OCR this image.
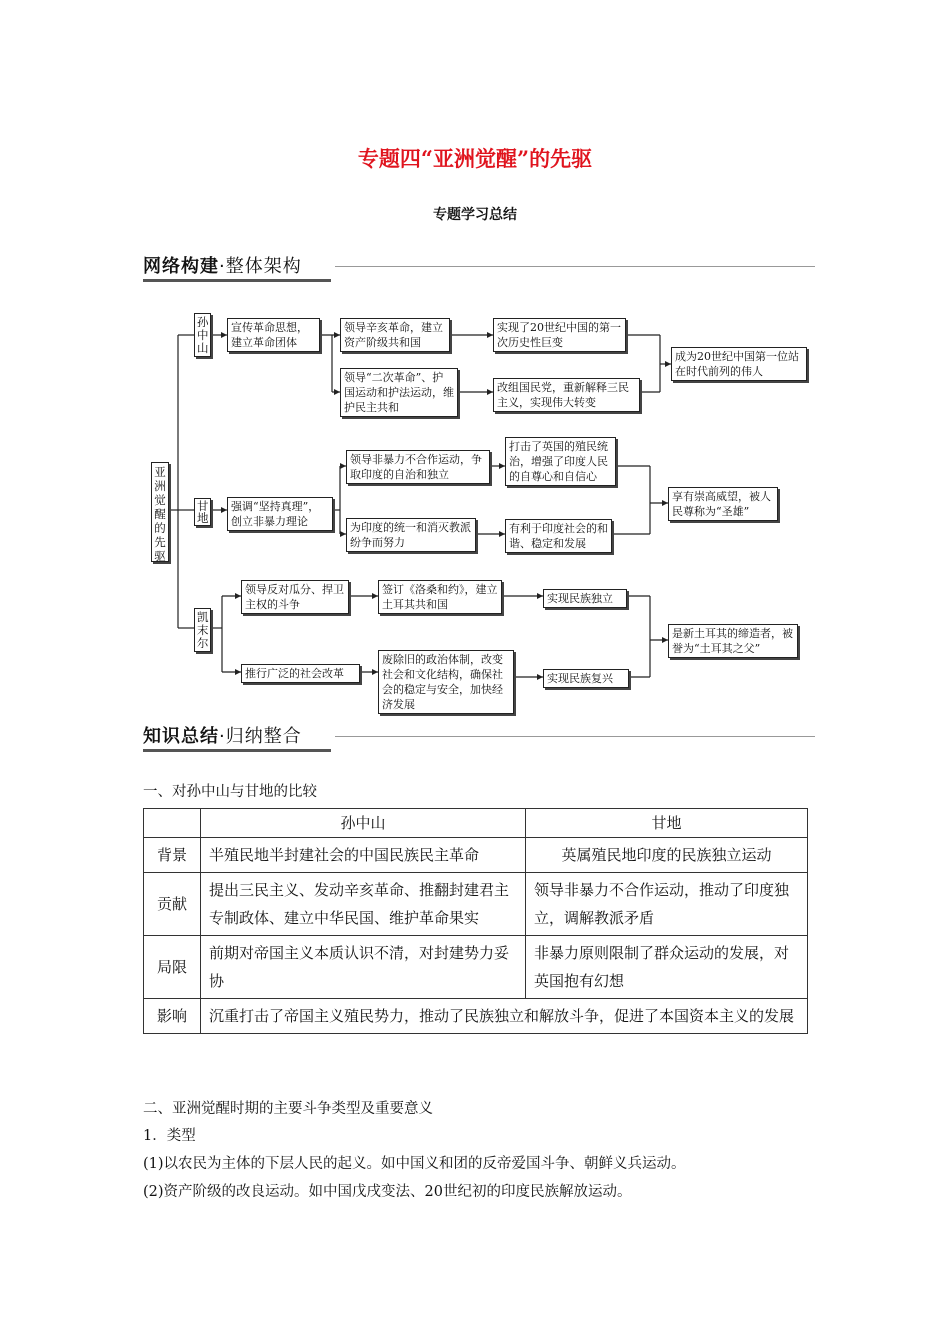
专题四“亚洲觉醒”的先驱
专题学习总结
网络构建·整体架构
亚洲觉醒的先驱
孙中山
甘地
凯末尔
宣传革命思想，建立革命团体
领导辛亥革命，建立资产阶级共和国
领导“二次革命”、护国运动和护法运动，维护民主共和
实现了20世纪中国的第一次历史性巨变
改组国民党，重新解释三民主义，实现伟大转变
成为20世纪中国第一位站在时代前列的伟人
强调“坚持真理”，创立非暴力理论
领导非暴力不合作运动，争取印度的自治和独立
为印度的统一和消灭教派纷争而努力
打击了英国的殖民统治，增强了印度人民的自尊心和自信心
有利于印度社会的和谐、稳定和发展
享有崇高威望，被人民尊称为“圣雄”
领导反对瓜分、捍卫主权的斗争
推行广泛的社会改革
签订《洛桑和约》，建立土耳其共和国
废除旧的政治体制，改变社会和文化结构，确保社会的稳定与安全，加快经济发展
实现民族独立
实现民族复兴
是新土耳其的缔造者，被誉为“土耳其之父”
知识总结·归纳整合
一、对孙中山与甘地的比较
	孙中山	甘地
背景	半殖民地半封建社会的中国民族民主革命	英属殖民地印度的民族独立运动
贡献	提出三民主义、发动辛亥革命、推翻封建君主专制政体、建立中华民国、维护革命果实	领导非暴力不合作运动，推动了印度独立，调解教派矛盾
局限	前期对帝国主义本质认识不清，对封建势力妥协	非暴力原则限制了群众运动的发展，对英国抱有幻想
影响	沉重打击了帝国主义殖民势力，推动了民族独立和解放斗争，促进了本国资本主义的发展	
二、亚洲觉醒时期的主要斗争类型及重要意义
1．类型
(1)以农民为主体的下层人民的起义。如中国义和团的反帝爱国斗争、朝鲜义兵运动。
(2)资产阶级的改良运动。如中国戊戌变法、20世纪初的印度民族解放运动。
